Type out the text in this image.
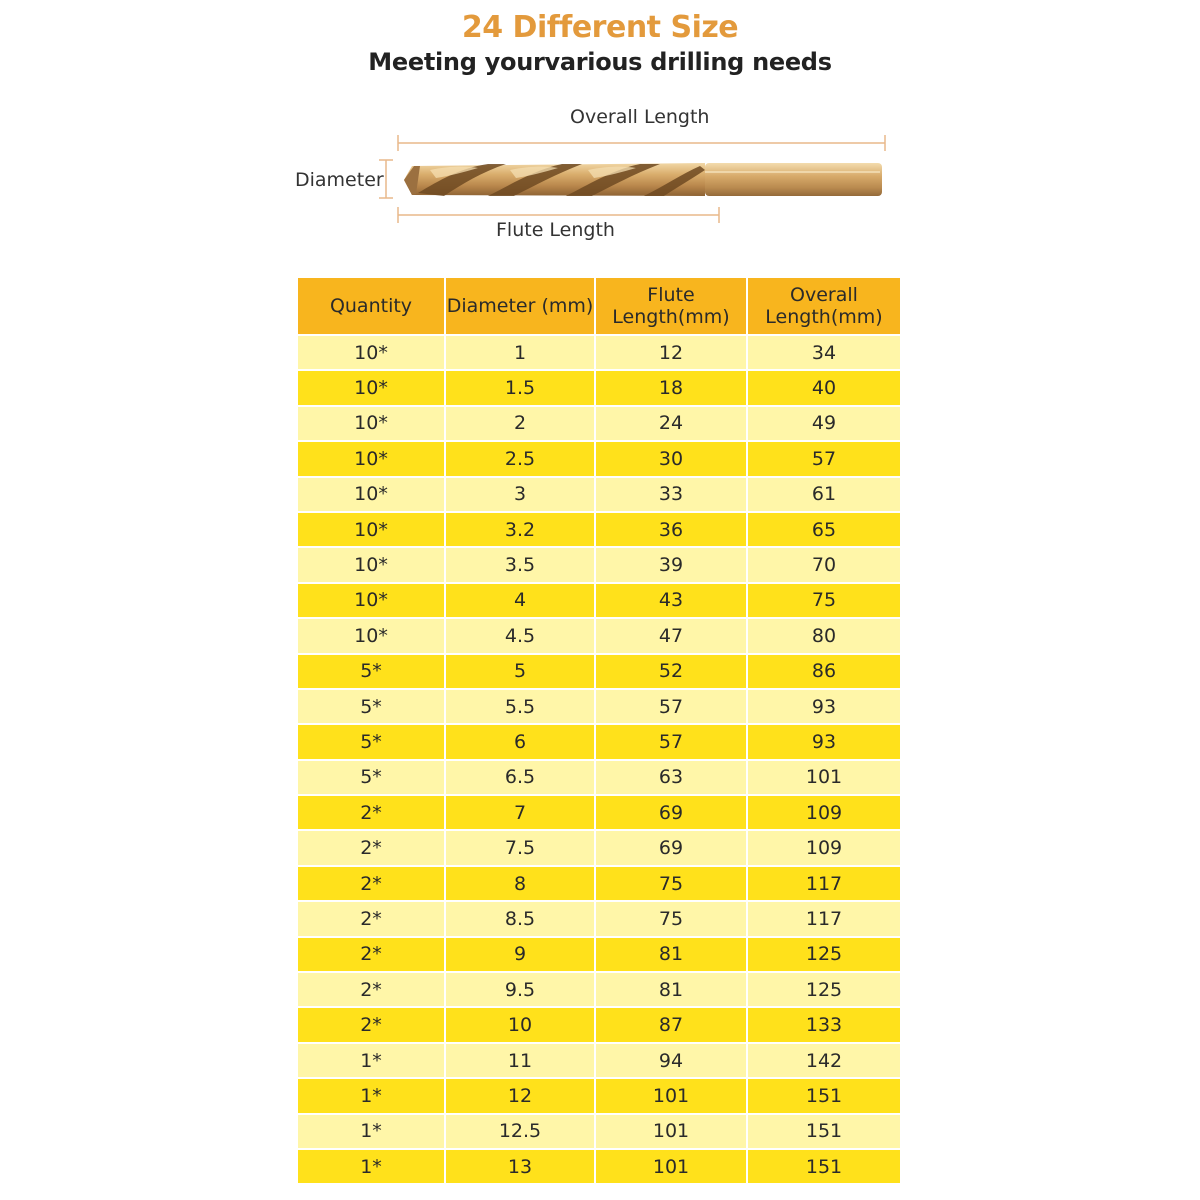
24 Different Size
Meeting yourvarious drilling needs
Overall Length
Diameter
Flute Length
Quantity	Diameter (mm)	Flute Length(mm)	Overall Length(mm)
10*	1	12	34
10*	1.5	18	40
10*	2	24	49
10*	2.5	30	57
10*	3	33	61
10*	3.2	36	65
10*	3.5	39	70
10*	4	43	75
10*	4.5	47	80
5*	5	52	86
5*	5.5	57	93
5*	6	57	93
5*	6.5	63	101
2*	7	69	109
2*	7.5	69	109
2*	8	75	117
2*	8.5	75	117
2*	9	81	125
2*	9.5	81	125
2*	10	87	133
1*	11	94	142
1*	12	101	151
1*	12.5	101	151
1*	13	101	151
